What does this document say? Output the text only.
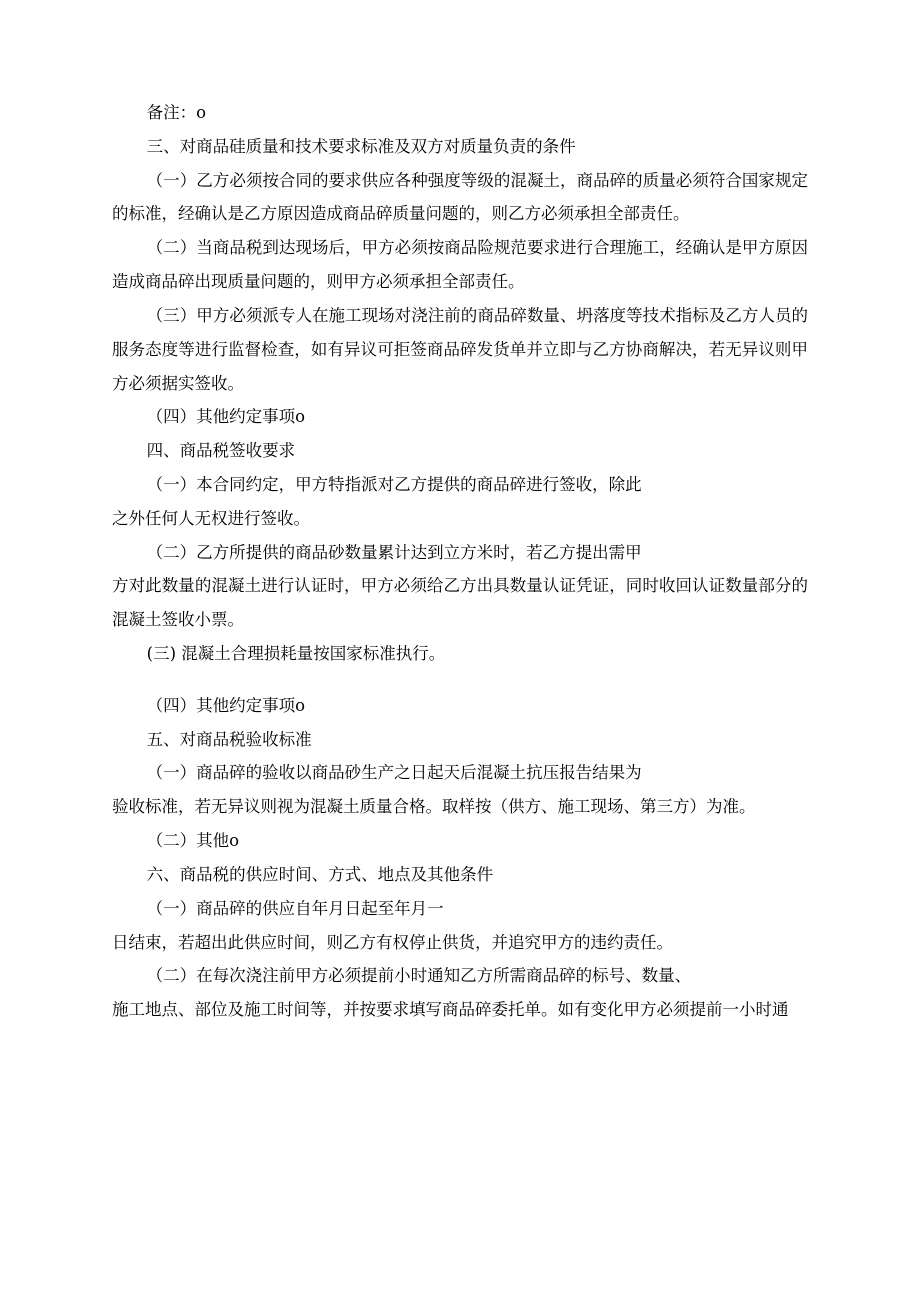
备注：o

三、对商品硅质量和技术要求标准及双方对质量负责的条件

（一）乙方必须按合同的要求供应各种强度等级的混凝土，商品碎的质量必须符合国家规定的标准，经确认是乙方原因造成商品碎质量问题的，则乙方必须承担全部责任。

（二）当商品税到达现场后，甲方必须按商品险规范要求进行合理施工，经确认是甲方原因造成商品碎出现质量问题的，则甲方必须承担全部责任。

（三）甲方必须派专人在施工现场对浇注前的商品碎数量、坍落度等技术指标及乙方人员的服务态度等进行监督检查，如有异议可拒签商品碎发货单并立即与乙方协商解决，若无异议则甲方必须据实签收。

（四）其他约定事项o

四、商品税签收要求

（一）本合同约定，甲方特指派对乙方提供的商品碎进行签收，除此

之外任何人无权进行签收。

（二）乙方所提供的商品砂数量累计达到立方米时，若乙方提出需甲

方对此数量的混凝土进行认证时，甲方必须给乙方出具数量认证凭证，同时收回认证数量部分的混凝土签收小票。

(三) 混凝土合理损耗量按国家标准执行。

（四）其他约定事项o

五、对商品税验收标准

（一）商品碎的验收以商品砂生产之日起天后混凝土抗压报告结果为

验收标准，若无异议则视为混凝土质量合格。取样按（供方、施工现场、第三方）为准。

（二）其他o

六、商品税的供应时间、方式、地点及其他条件

（一）商品碎的供应自年月日起至年月一

日结束，若超出此供应时间，则乙方有权停止供货，并追究甲方的违约责任。

（二）在每次浇注前甲方必须提前小时通知乙方所需商品碎的标号、数量、

施工地点、部位及施工时间等，并按要求填写商品碎委托单。如有变化甲方必须提前一小时通
